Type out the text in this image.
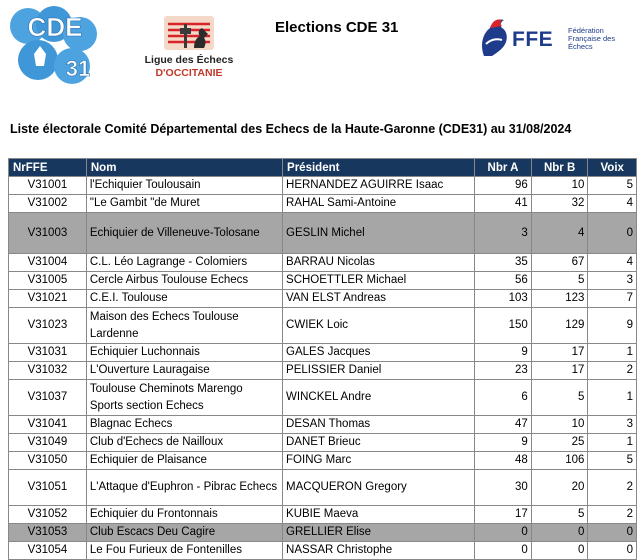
CDE
31	Ligue des Échecs
D'OCCITANIE
Elections CDE 31
FFE Fédération Française des Échecs
Liste électorale Comité Départemental des Echecs de la Haute-Garonne (CDE31) au 31/08/2024
NrFFE	Nom	Président	Nbr A	Nbr B	Voix
V31001	l'Echiquier Toulousain	HERNANDEZ AGUIRRE Isaac	96	10	5
V31002	"Le Gambit "de Muret	RAHAL Sami-Antoine	41	32	4
V31003	Echiquier de Villeneuve-Tolosane	GESLIN Michel	3	4	0
V31004	C.L. Léo Lagrange - Colomiers	BARRAU Nicolas	35	67	4
V31005	Cercle Airbus Toulouse Echecs	SCHOETTLER Michael	56	5	3
V31021	C.E.I. Toulouse	VAN ELST Andreas	103	123	7
V31023	Maison des Echecs Toulouse Lardenne	CWIEK Loic	150	129	9
V31031	Echiquier Luchonnais	GALES Jacques	9	17	1
V31032	L'Ouverture Lauragaise	PELISSIER Daniel	23	17	2
V31037	Toulouse Cheminots Marengo Sports section Echecs	WINCKEL Andre	6	5	1
V31041	Blagnac Echecs	DESAN Thomas	47	10	3
V31049	Club d'Echecs de Nailloux	DANET Brieuc	9	25	1
V31050	Echiquier de Plaisance	FOING Marc	48	106	5
V31051	L'Attaque d'Euphron - Pibrac Echecs	MACQUERON Gregory	30	20	2
V31052	Echiquier du Frontonnais	KUBIE Maeva	17	5	2
V31053	Club Escacs Deu Cagire	GRELLIER Elise	0	0	0
V31054	Le Fou Furieux de Fontenilles	NASSAR Christophe	0	0	0
